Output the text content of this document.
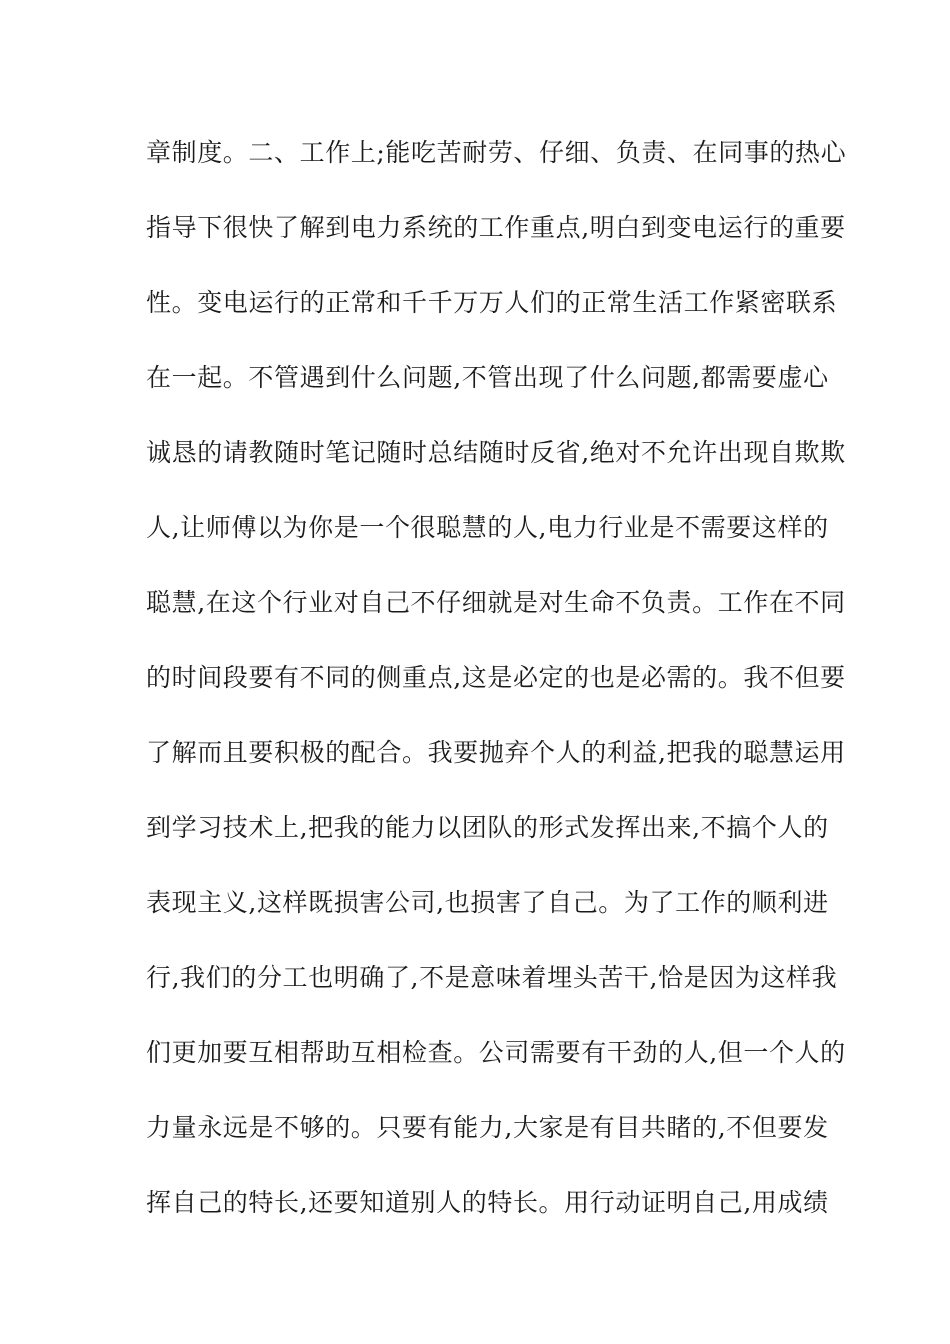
章制度。二、工作上;能吃苦耐劳、仔细、负责、在同事的热心
指导下很快了解到电力系统的工作重点,明白到变电运行的重要
性。变电运行的正常和千千万万人们的正常生活工作紧密联系
在一起。不管遇到什么问题,不管出现了什么问题,都需要虚心
诚恳的请教随时笔记随时总结随时反省,绝对不允许出现自欺欺
人,让师傅以为你是一个很聪慧的人,电力行业是不需要这样的
聪慧,在这个行业对自己不仔细就是对生命不负责。工作在不同
的时间段要有不同的侧重点,这是必定的也是必需的。我不但要
了解而且要积极的配合。我要抛弃个人的利益,把我的聪慧运用
到学习技术上,把我的能力以团队的形式发挥出来,不搞个人的
表现主义,这样既损害公司,也损害了自己。为了工作的顺利进
行,我们的分工也明确了,不是意味着埋头苦干,恰是因为这样我
们更加要互相帮助互相检查。公司需要有干劲的人,但一个人的
力量永远是不够的。只要有能力,大家是有目共睹的,不但要发
挥自己的特长,还要知道别人的特长。用行动证明自己,用成绩
